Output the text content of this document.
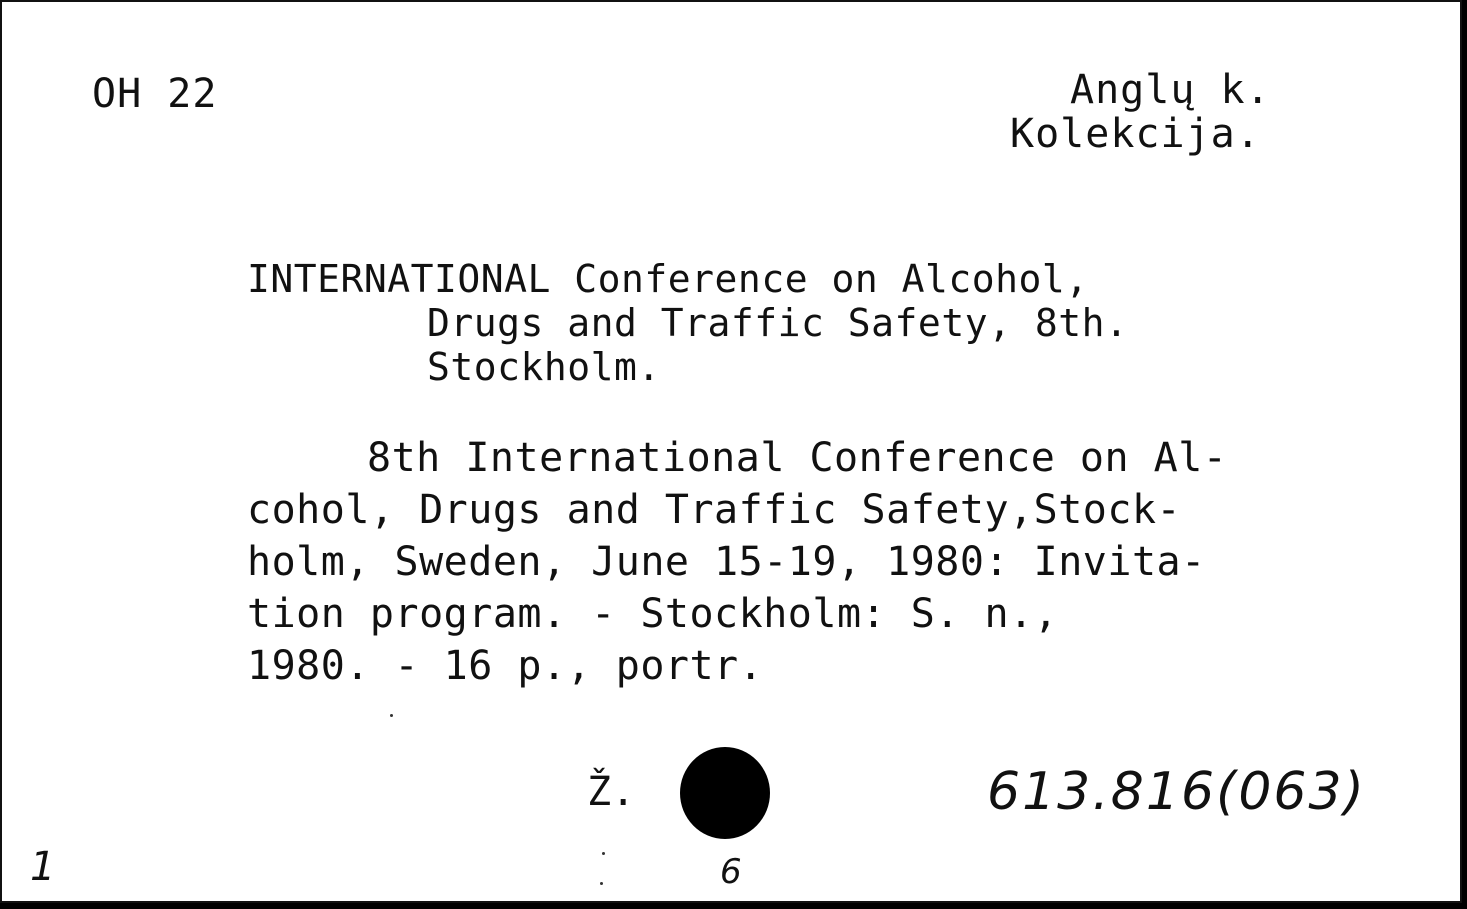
OH 22	Anglų k.
Kolekcija.
INTERNATIONAL Conference on Alcohol,
Drugs and Traffic Safety, 8th.
Stockholm.
8th International Conference on Al-
cohol, Drugs and Traffic Safety,Stock-
holm, Sweden, June 15-19, 1980: Invita-
tion program. - Stockholm: S. n.,
1980. - 16 p., portr.
Ž.	613.816(063)
1	6
